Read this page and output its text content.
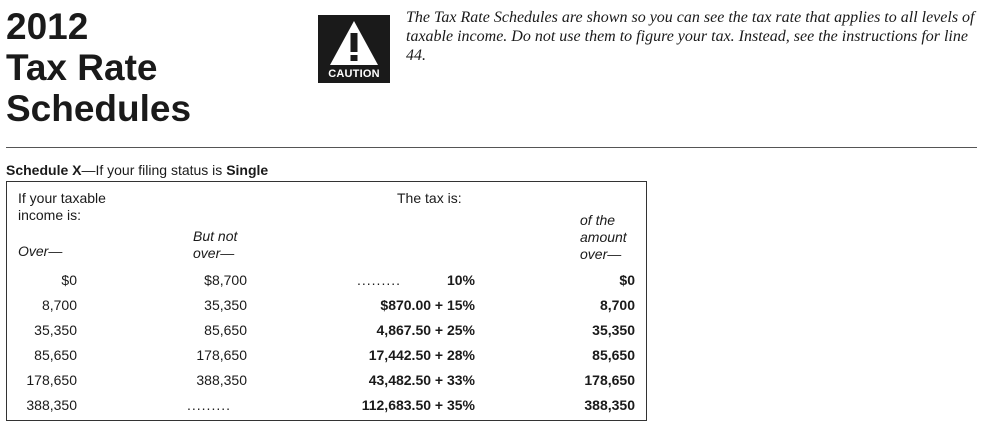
2012
Tax Rate
Schedules
CAUTION
The Tax Rate Schedules are shown so you can see the tax rate that applies to all levels of taxable income. Do not use them to figure your tax. Instead, see the instructions for line 44.
Schedule X—If your filing status is Single
If your taxable
income is:
Over—
But not
over—
The tax is:
of the
amount
over—
$0	$8,700	.........	10%	$0
8,700	35,350	$870.00 + 15%	8,700
35,350	85,650	4,867.50 + 25%	35,350
85,650	178,650	17,442.50 + 28%	85,650
178,650	388,350	43,482.50 + 33%	178,650
388,350	.........	112,683.50 + 35%	388,350
